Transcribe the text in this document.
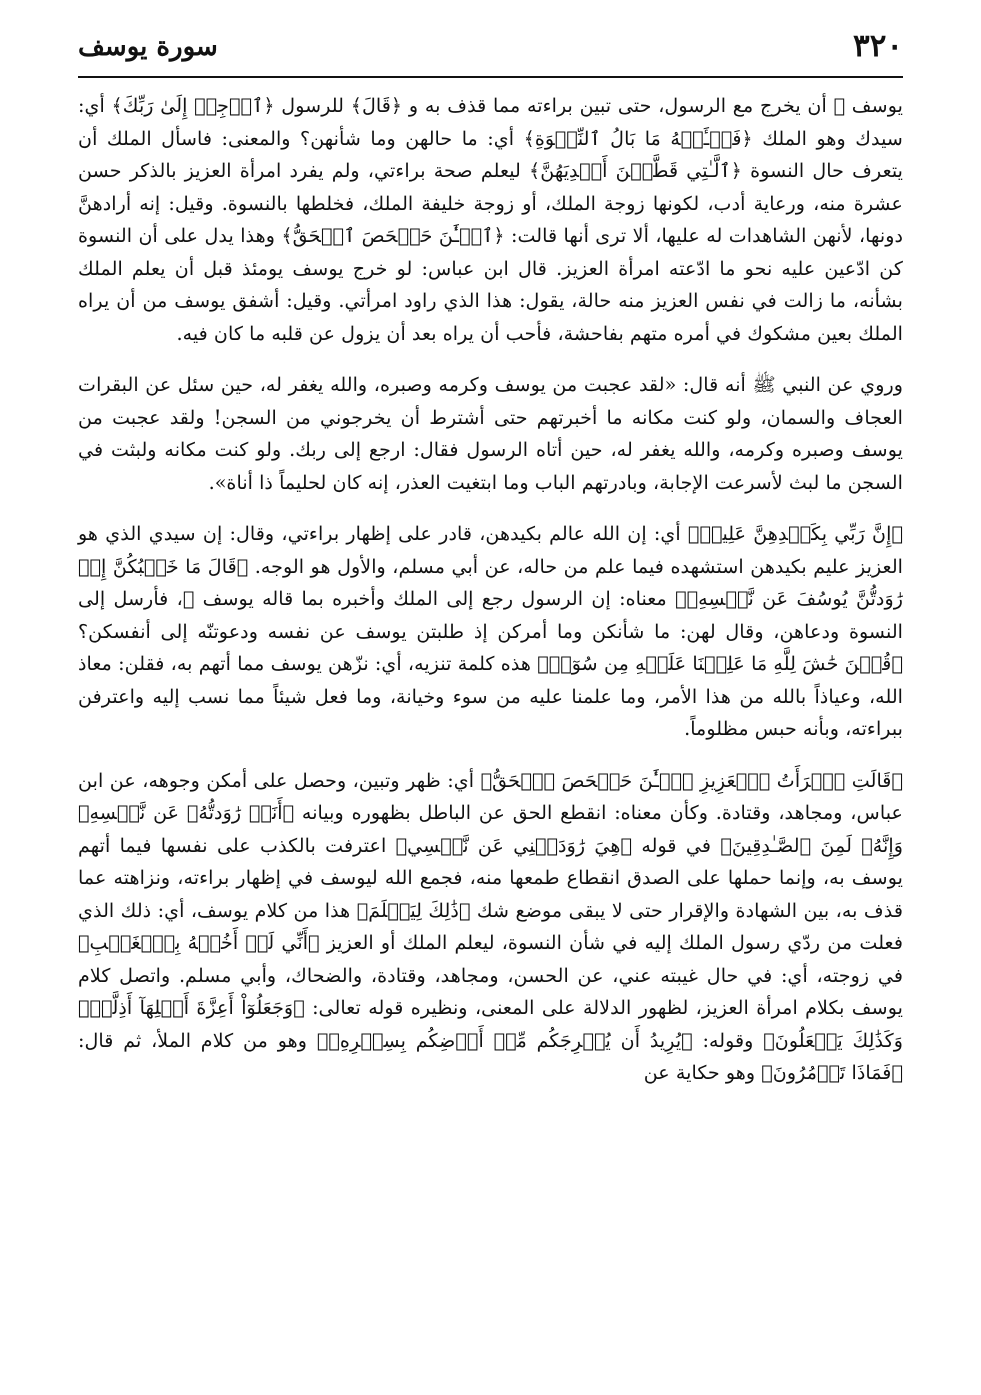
سورة يوسف	٣٢٠

يوسف ﷺ أن يخرج مع الرسول، حتى تبين براءته مما قذف به و ﴿قَالَ﴾ للرسول ﴿ٱرۡجِعۡ إِلَىٰ رَبِّكَ﴾ أي: سيدك وهو الملك ﴿فَسۡـَٔلۡهُ مَا بَالُ ٱلنِّسۡوَةِ﴾ أي: ما حالهن وما شأنهن؟ والمعنى: فاسأل الملك أن يتعرف حال النسوة ﴿ٱلَّـٰتِي قَطَّعۡنَ أَيۡدِيَهُنَّ﴾ ليعلم صحة براءتي، ولم يفرد امرأة العزيز بالذكر حسن عشرة منه، ورعاية أدب، لكونها زوجة الملك، أو زوجة خليفة الملك، فخلطها بالنسوة. وقيل: إنه أرادهنَّ دونها، لأنهن الشاهدات له عليها، ألا ترى أنها قالت: ﴿ٱلۡـَٰٔنَ حَصۡحَصَ ٱلۡحَقُّ﴾ وهذا يدل على أن النسوة كن ادّعين عليه نحو ما ادّعته امرأة العزيز. قال ابن عباس: لو خرج يوسف يومئذ قبل أن يعلم الملك بشأنه، ما زالت في نفس العزيز منه حالة، يقول: هذا الذي راود امرأتي. وقيل: أشفق يوسف من أن يراه الملك بعين مشكوك في أمره متهم بفاحشة، فأحب أن يراه بعد أن يزول عن قلبه ما كان فيه.

وروي عن النبي ﷺ أنه قال: «لقد عجبت من يوسف وكرمه وصبره، والله يغفر له، حين سئل عن البقرات العجاف والسمان، ولو كنت مكانه ما أخبرتهم حتى أشترط أن يخرجوني من السجن! ولقد عجبت من يوسف وصبره وكرمه، والله يغفر له، حين أتاه الرسول فقال: ارجع إلى ربك. ولو كنت مكانه ولبثت في السجن ما لبث لأسرعت الإجابة، وبادرتهم الباب وما ابتغيت العذر، إنه كان لحليماً ذا أناة».

﴿إِنَّ رَبِّي بِكَيۡدِهِنَّ عَلِيمٞ﴾ أي: إن الله عالم بكيدهن، قادر على إظهار براءتي، وقال: إن سيدي الذي هو العزيز عليم بكيدهن استشهده فيما علم من حاله، عن أبي مسلم، والأول هو الوجه. ﴿قَالَ مَا خَطۡبُكُنَّ إِذۡ رَٰوَدتُّنَّ يُوسُفَ عَن نَّفۡسِهِۦ﴾ معناه: إن الرسول رجع إلى الملك وأخبره بما قاله يوسف ﷺ، فأرسل إلى النسوة ودعاهن، وقال لهن: ما شأنكن وما أمركن إذ طلبتن يوسف عن نفسه ودعوتنّه إلى أنفسكن؟ ﴿قُلۡنَ حَٰشَ لِلَّهِ مَا عَلِمۡنَا عَلَيۡهِ مِن سُوٓءٖ﴾ هذه كلمة تنزيه، أي: نزّهن يوسف مما أتهم به، فقلن: معاذ الله، وعياذاً بالله من هذا الأمر، وما علمنا عليه من سوء وخيانة، وما فعل شيئاً مما نسب إليه واعترفن ببراءته، وبأنه حبس مظلوماً.

﴿قَالَتِ ٱمۡرَأَتُ ٱلۡعَزِيزِ ٱلۡـَٰٔنَ حَصۡحَصَ ٱلۡحَقُّ﴾ أي: ظهر وتبين، وحصل على أمكن وجوهه، عن ابن عباس، ومجاهد، وقتادة. وكأن معناه: انقطع الحق عن الباطل بظهوره وبيانه ﴿أَنَا۠ رَٰوَدتُّهُۥ عَن نَّفۡسِهِۦ وَإِنَّهُۥ لَمِنَ ٱلصَّـٰدِقِينَ﴾ في قوله ﴿هِيَ رَٰوَدَتۡنِي عَن نَّفۡسِي﴾ اعترفت بالكذب على نفسها فيما أتهم يوسف به، وإنما حملها على الصدق انقطاع طمعها منه، فجمع الله ليوسف في إظهار براءته، ونزاهته عما قذف به، بين الشهادة والإقرار حتى لا يبقى موضع شك ﴿ذَٰلِكَ لِيَعۡلَمَ﴾ هذا من كلام يوسف، أي: ذلك الذي فعلت من ردّي رسول الملك إليه في شأن النسوة، ليعلم الملك أو العزيز ﴿أَنِّي لَمۡ أَخُنۡهُ بِٱلۡغَيۡبِ﴾ في زوجته، أي: في حال غيبته عني، عن الحسن، ومجاهد، وقتادة، والضحاك، وأبي مسلم. واتصل كلام يوسف بكلام امرأة العزيز، لظهور الدلالة على المعنى، ونظيره قوله تعالى: ﴿وَجَعَلُوٓاْ أَعِزَّةَ أَهۡلِهَآ أَذِلَّةٗۚ وَكَذَٰلِكَ يَفۡعَلُونَ﴾ وقوله: ﴿يُرِيدُ أَن يُخۡرِجَكُم مِّنۡ أَرۡضِكُم بِسِحۡرِهِۦ﴾ وهو من كلام الملأ، ثم قال: ﴿فَمَاذَا تَأۡمُرُونَ﴾ وهو حكاية عن
